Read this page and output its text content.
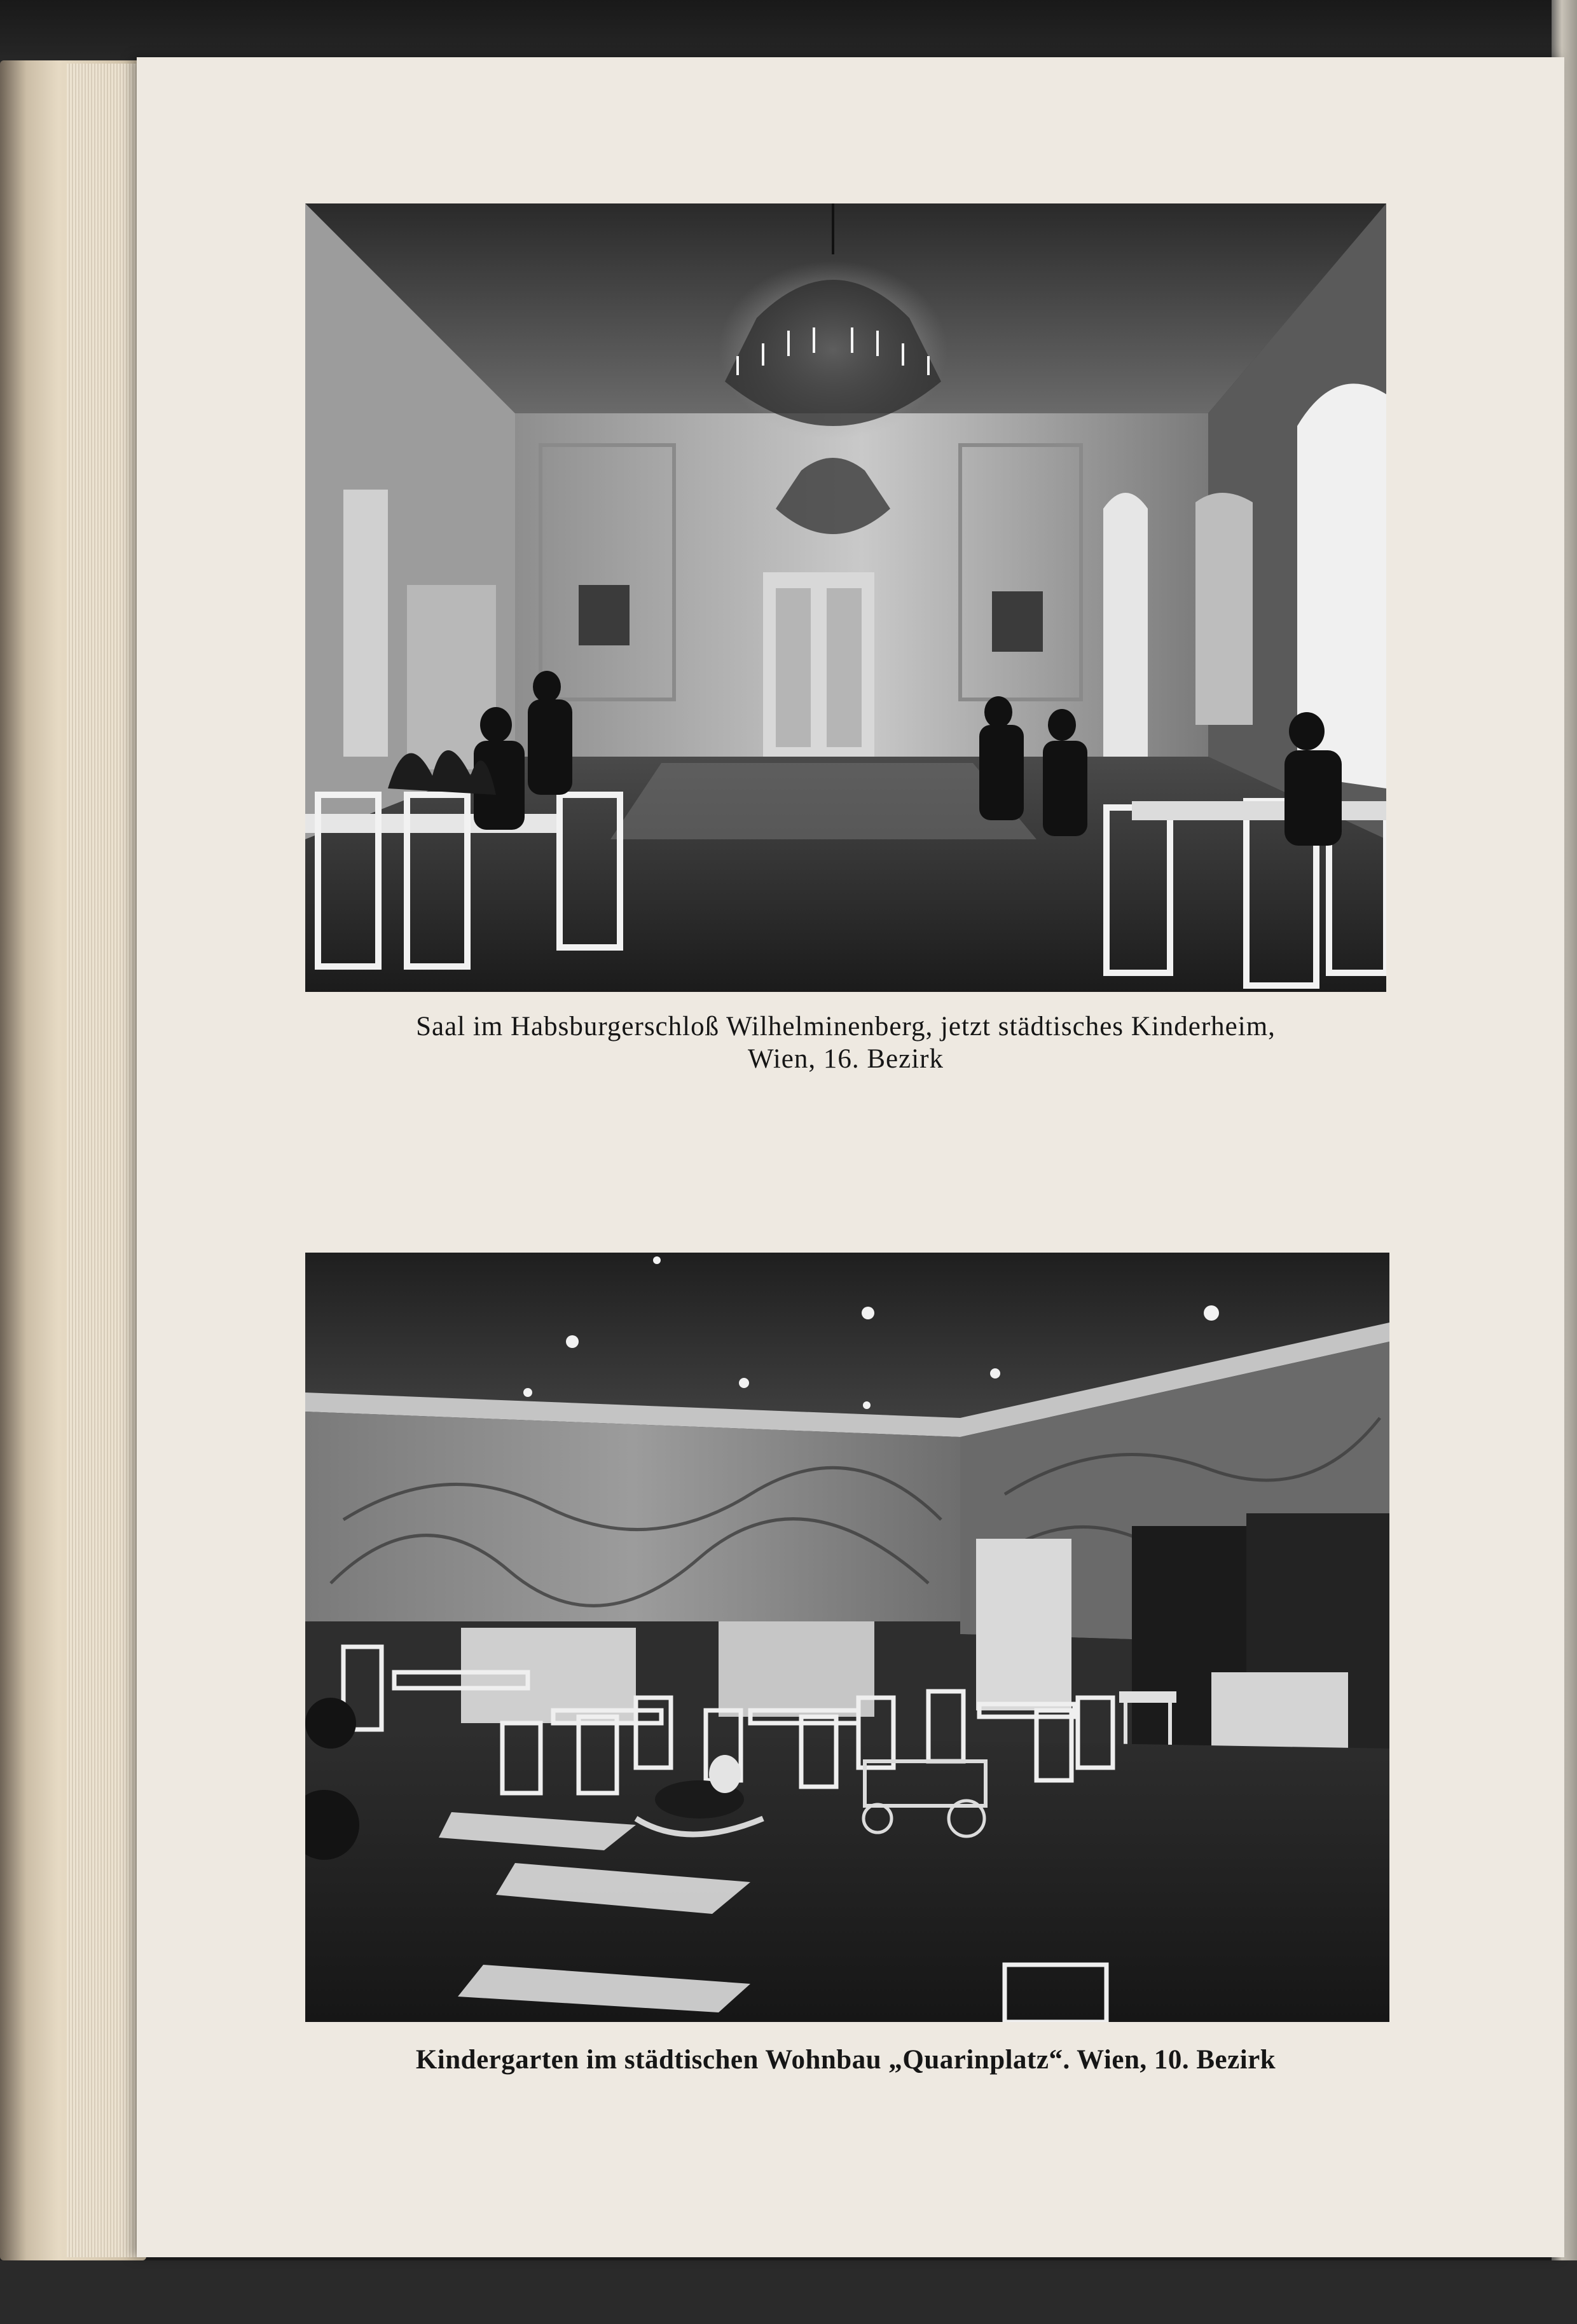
Saal im Habsburgerschloß Wilhelminenberg, jetzt städtisches Kinderheim,
Wien, 16. Bezirk
Kindergarten im städtischen Wohnbau „Quarinplatz“. Wien, 10. Bezirk
